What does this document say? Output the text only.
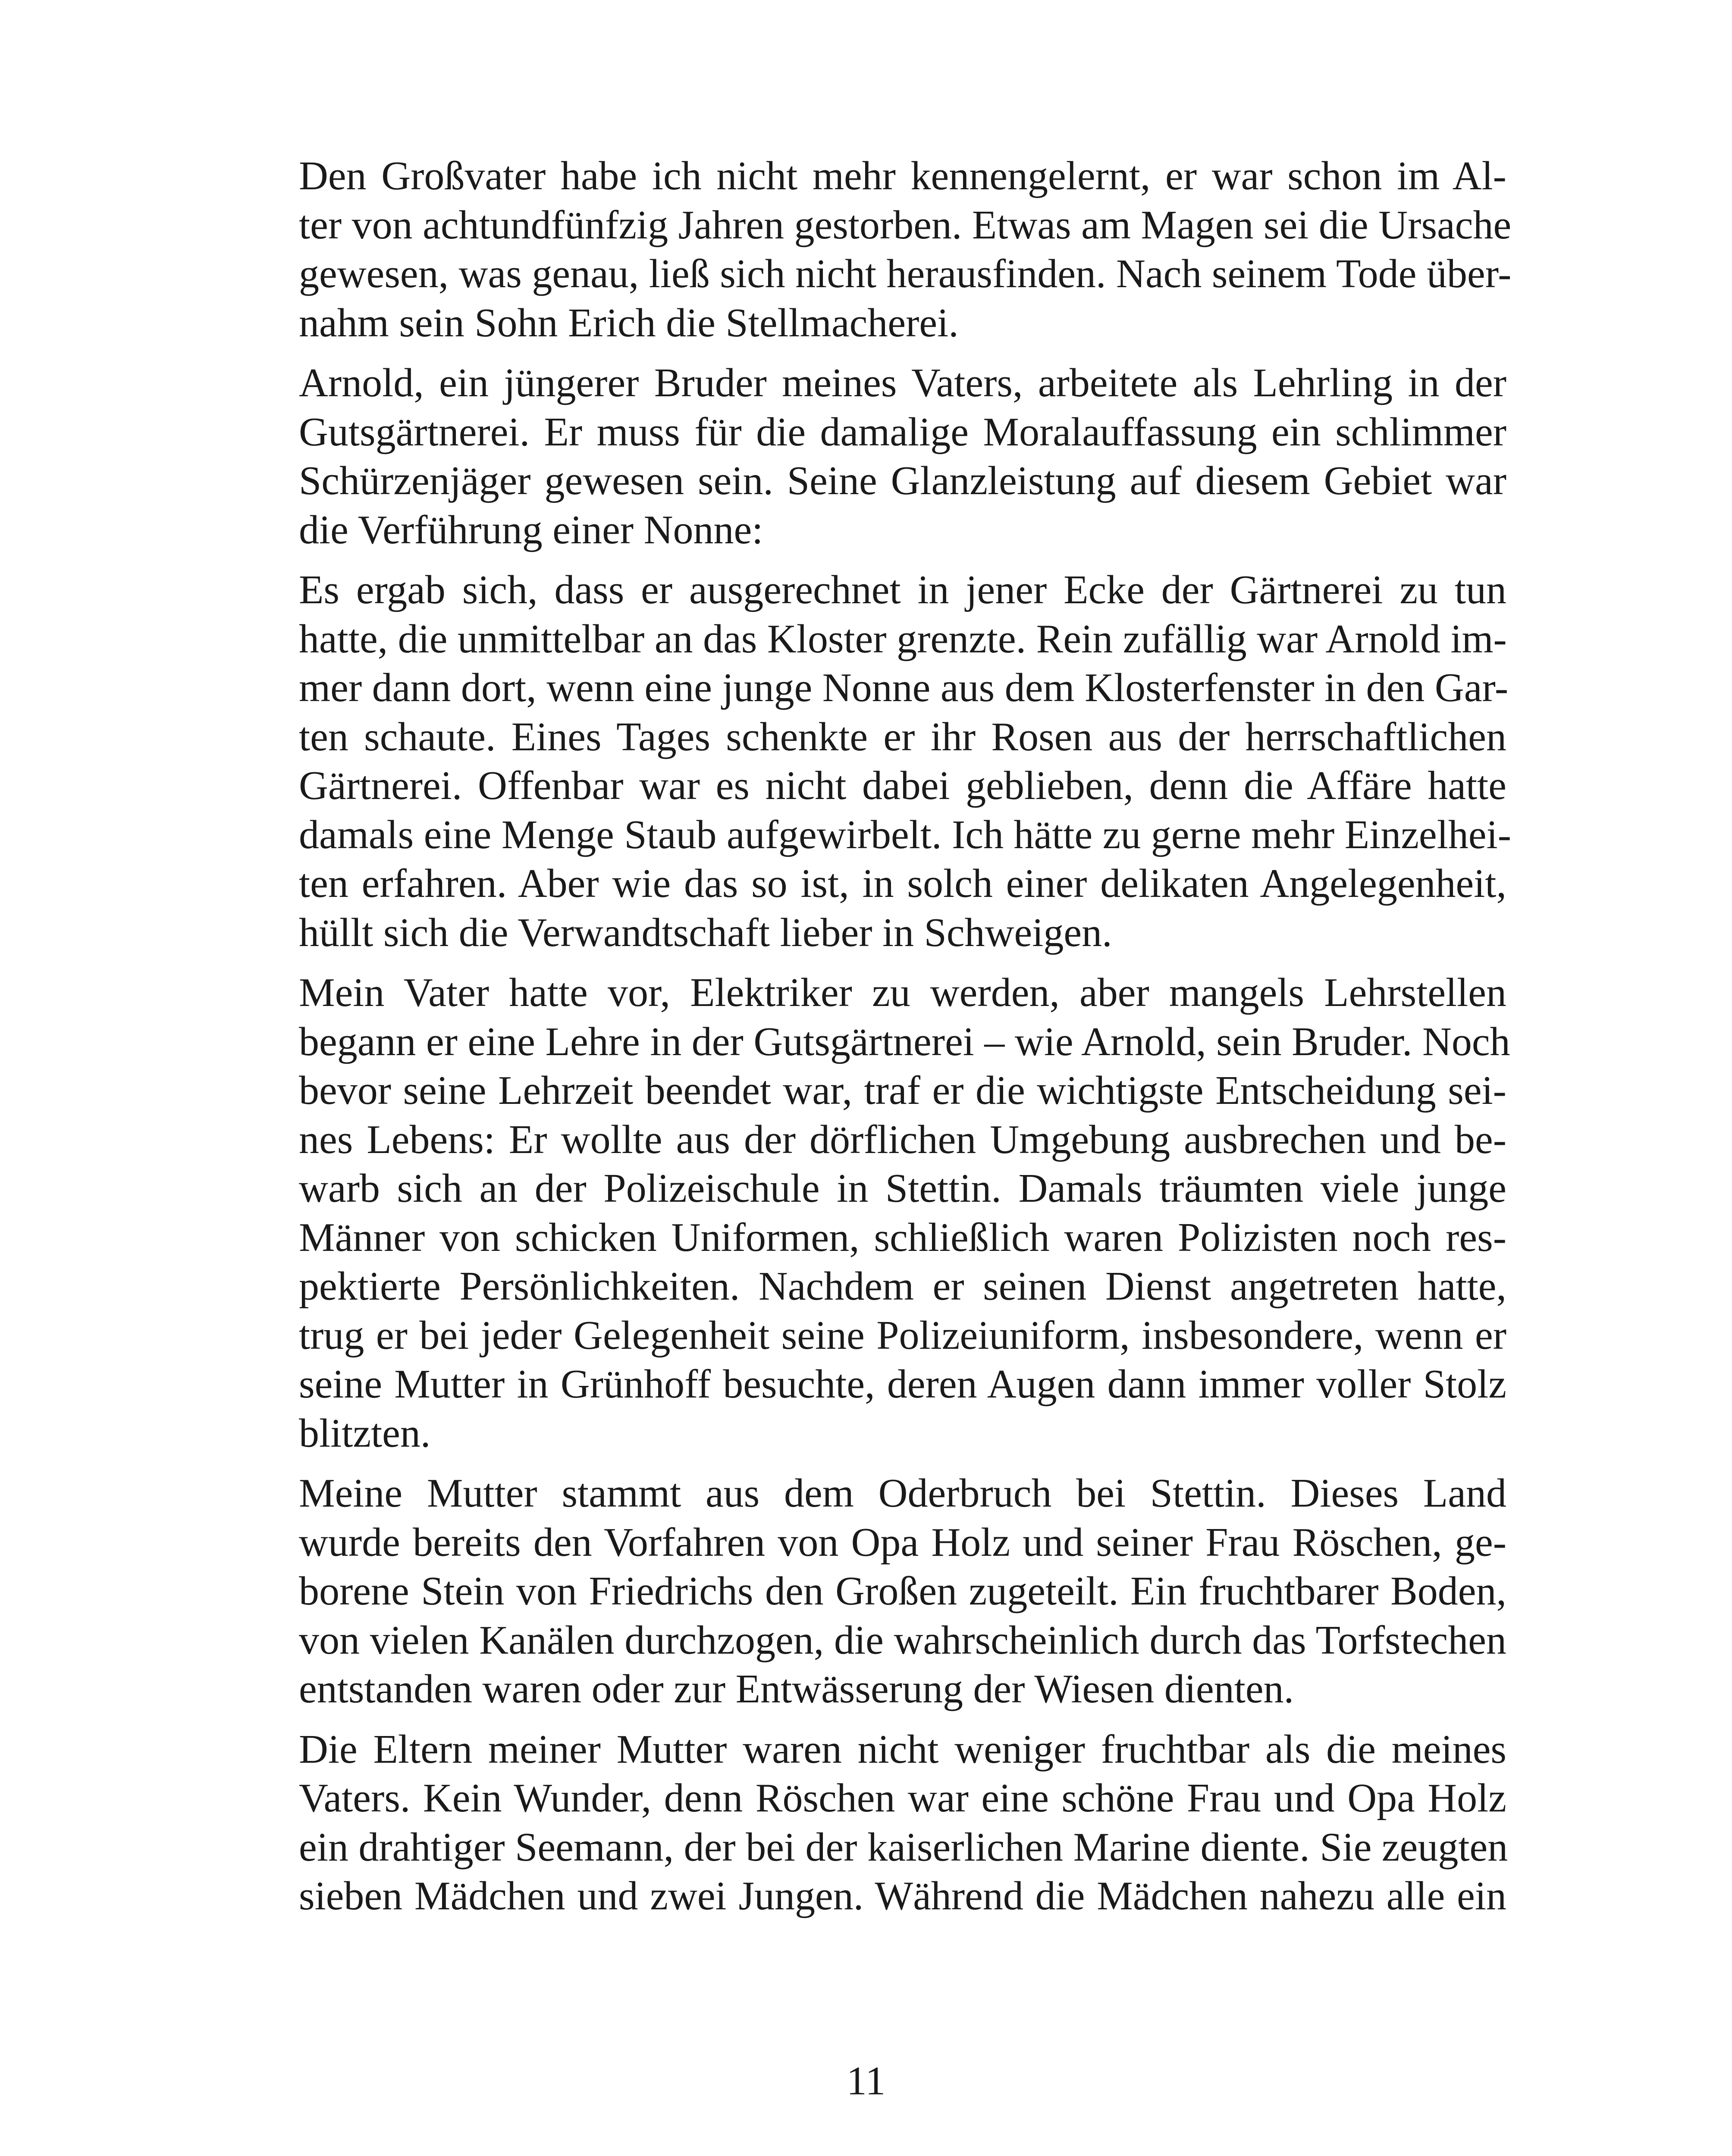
Den Großvater habe ich nicht mehr kennengelernt, er war schon im Al-
ter von achtundfünfzig Jahren gestorben. Etwas am Magen sei die Ursache
gewesen, was genau, ließ sich nicht herausfinden. Nach seinem Tode über-
nahm sein Sohn Erich die Stellmacherei.

Arnold, ein jüngerer Bruder meines Vaters, arbeitete als Lehrling in der
Gutsgärtnerei. Er muss für die damalige Moralauffassung ein schlimmer
Schürzenjäger gewesen sein. Seine Glanzleistung auf diesem Gebiet war
die Verführung einer Nonne:

Es ergab sich, dass er ausgerechnet in jener Ecke der Gärtnerei zu tun
hatte, die unmittelbar an das Kloster grenzte. Rein zufällig war Arnold im-
mer dann dort, wenn eine junge Nonne aus dem Klosterfenster in den Gar-
ten schaute. Eines Tages schenkte er ihr Rosen aus der herrschaftlichen
Gärtnerei. Offenbar war es nicht dabei geblieben, denn die Affäre hatte
damals eine Menge Staub aufgewirbelt. Ich hätte zu gerne mehr Einzelhei-
ten erfahren. Aber wie das so ist, in solch einer delikaten Angelegenheit,
hüllt sich die Verwandtschaft lieber in Schweigen.

Mein Vater hatte vor, Elektriker zu werden, aber mangels Lehrstellen
begann er eine Lehre in der Gutsgärtnerei – wie Arnold, sein Bruder. Noch
bevor seine Lehrzeit beendet war, traf er die wichtigste Entscheidung sei-
nes Lebens: Er wollte aus der dörflichen Umgebung ausbrechen und be-
warb sich an der Polizeischule in Stettin. Damals träumten viele junge
Männer von schicken Uniformen, schließlich waren Polizisten noch res-
pektierte Persönlichkeiten. Nachdem er seinen Dienst angetreten hatte,
trug er bei jeder Gelegenheit seine Polizeiuniform, insbesondere, wenn er
seine Mutter in Grünhoff besuchte, deren Augen dann immer voller Stolz
blitzten.

Meine Mutter stammt aus dem Oderbruch bei Stettin. Dieses Land
wurde bereits den Vorfahren von Opa Holz und seiner Frau Röschen, ge-
borene Stein von Friedrichs den Großen zugeteilt. Ein fruchtbarer Boden,
von vielen Kanälen durchzogen, die wahrscheinlich durch das Torfstechen
entstanden waren oder zur Entwässerung der Wiesen dienten.

Die Eltern meiner Mutter waren nicht weniger fruchtbar als die meines
Vaters. Kein Wunder, denn Röschen war eine schöne Frau und Opa Holz
ein drahtiger Seemann, der bei der kaiserlichen Marine diente. Sie zeugten
sieben Mädchen und zwei Jungen. Während die Mädchen nahezu alle ein

11
